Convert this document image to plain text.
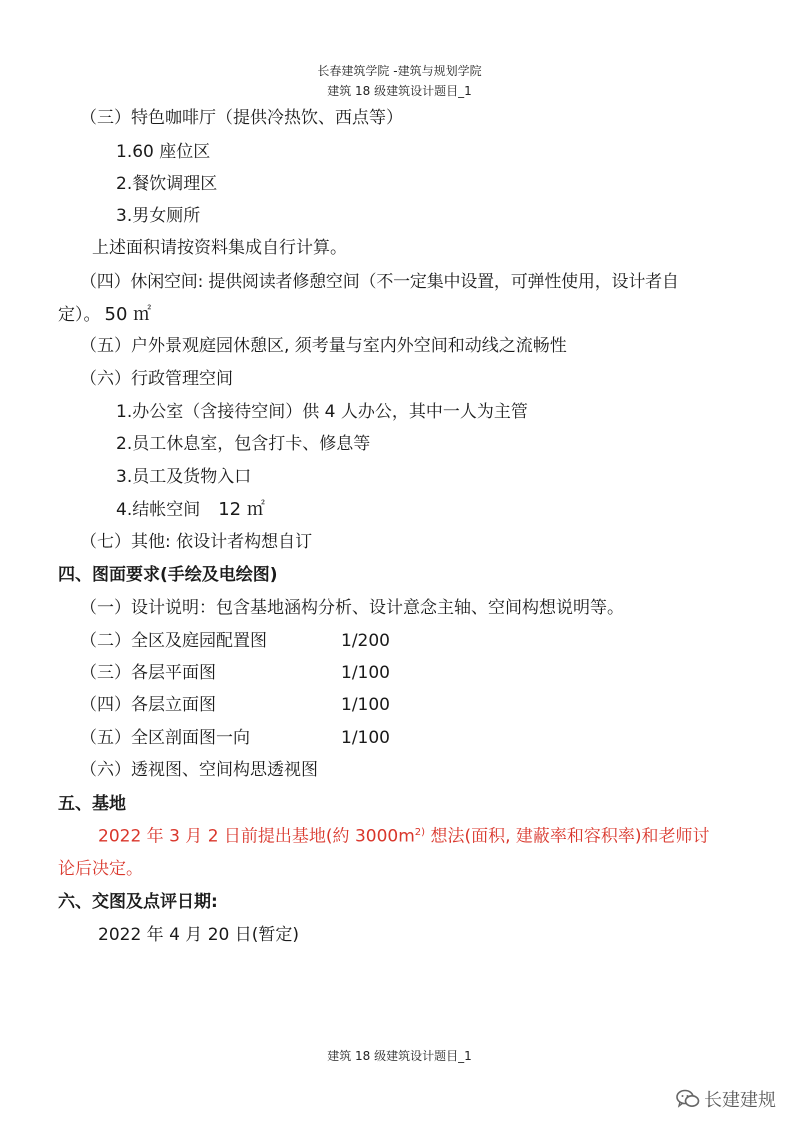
长春建筑学院 -建筑与规划学院
建筑 18 级建筑设计题目_1
（三）特色咖啡厅（提供冷热饮、西点等）
1.60 座位区
2.餐饮调理区
3.男女厕所
上述面积请按资料集成自行计算。
（四）休闲空间: 提供阅读者修憩空间（不一定集中设置，可弹性使用，设计者自
定）。 50 ㎡
（五）户外景观庭园休憩区, 须考量与室内外空间和动线之流畅性
（六）行政管理空间
1.办公室（含接待空间）供 4 人办公，其中一人为主管
2.员工休息室，包含打卡、修息等
3.员工及货物入口
4.结帐空间 12 ㎡
（七）其他: 依设计者构想自订
四、图面要求(手绘及电绘图)
（一）设计说明：包含基地涵构分析、设计意念主轴、空间构想说明等。
（二）全区及庭园配置图	1/200
（三）各层平面图	1/100
（四）各层立面图	1/100
（五）全区剖面图一向	1/100
（六）透视图、空间构思透视图
五、基地
2022 年 3 月 2 日前提出基地(約 $3000m^{2)}$ 想法(面积, 建蔽率和容积率)和老师讨
论后决定。
六、交图及点评日期:
2022 年 4 月 20 日(暂定)
建筑 18 级建筑设计题目_1
长建建规
